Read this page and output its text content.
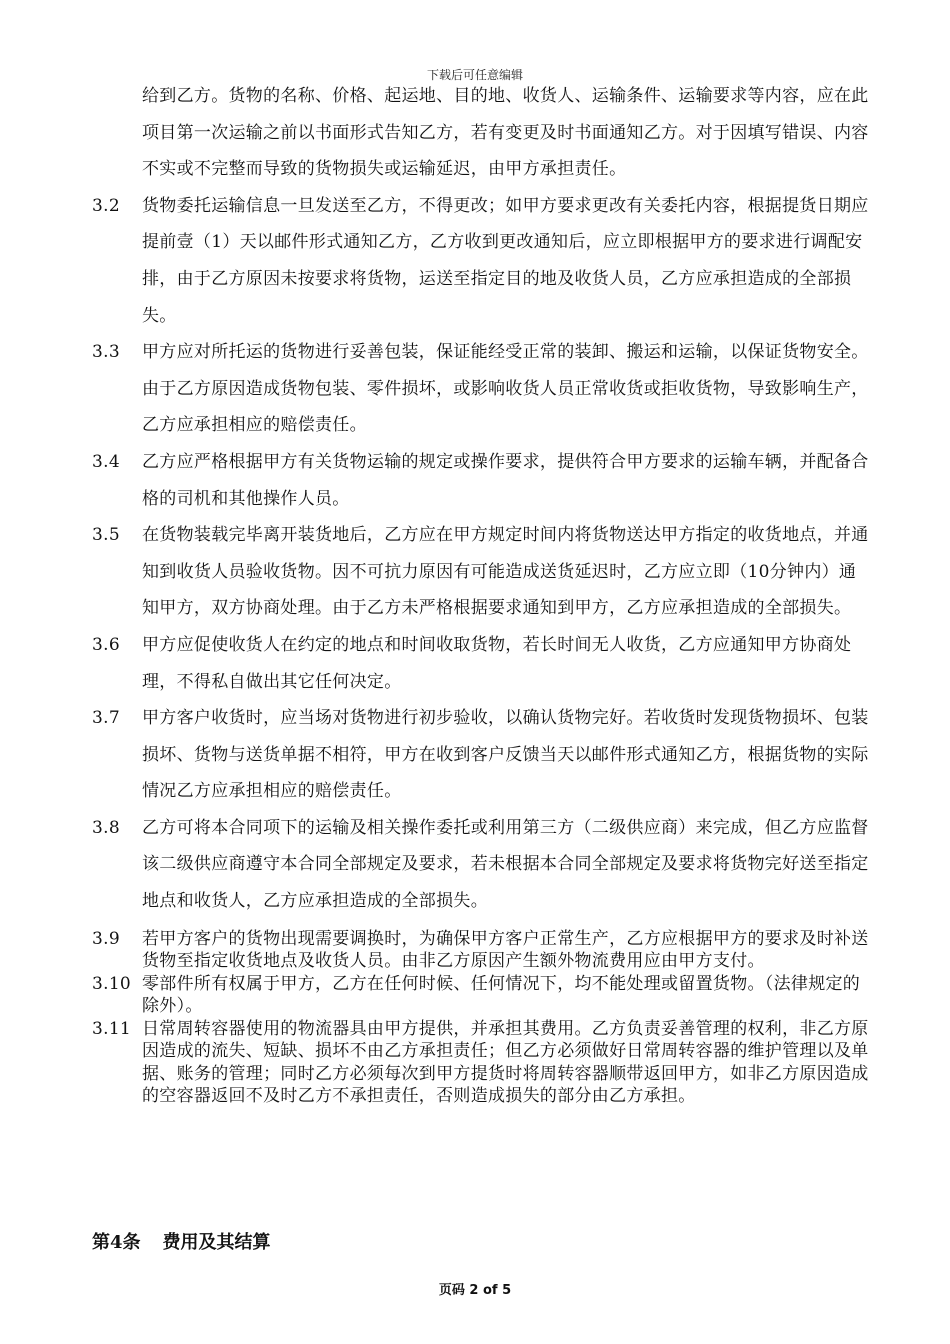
下载后可任意编辑
给到乙方。货物的名称、价格、起运地、目的地、收货人、运输条件、运输要求等内容，应在此项目第一次运输之前以书面形式告知乙方，若有变更及时书面通知乙方。对于因填写错误、内容不实或不完整而导致的货物损失或运输延迟，由甲方承担责任。
3.2	货物委托运输信息一旦发送至乙方，不得更改；如甲方要求更改有关委托内容，根据提货日期应提前壹（1）天以邮件形式通知乙方，乙方收到更改通知后，应立即根据甲方的要求进行调配安排，由于乙方原因未按要求将货物，运送至指定目的地及收货人员，乙方应承担造成的全部损失。
3.3	甲方应对所托运的货物进行妥善包装，保证能经受正常的装卸、搬运和运输，以保证货物安全。由于乙方原因造成货物包装、零件损坏，或影响收货人员正常收货或拒收货物，导致影响生产，乙方应承担相应的赔偿责任。
3.4	乙方应严格根据甲方有关货物运输的规定或操作要求，提供符合甲方要求的运输车辆，并配备合格的司机和其他操作人员。
3.5	在货物装载完毕离开装货地后，乙方应在甲方规定时间内将货物送达甲方指定的收货地点，并通知到收货人员验收货物。因不可抗力原因有可能造成送货延迟时，乙方应立即（10分钟内）通知甲方，双方协商处理。由于乙方未严格根据要求通知到甲方，乙方应承担造成的全部损失。
3.6	甲方应促使收货人在约定的地点和时间收取货物，若长时间无人收货，乙方应通知甲方协商处理，不得私自做出其它任何决定。
3.7	甲方客户收货时，应当场对货物进行初步验收，以确认货物完好。若收货时发现货物损坏、包装损坏、货物与送货单据不相符，甲方在收到客户反馈当天以邮件形式通知乙方，根据货物的实际情况乙方应承担相应的赔偿责任。
3.8	乙方可将本合同项下的运输及相关操作委托或利用第三方（二级供应商）来完成，但乙方应监督该二级供应商遵守本合同全部规定及要求，若未根据本合同全部规定及要求将货物完好送至指定地点和收货人，乙方应承担造成的全部损失。
3.9	若甲方客户的货物出现需要调换时，为确保甲方客户正常生产，乙方应根据甲方的要求及时补送货物至指定收货地点及收货人员。由非乙方原因产生额外物流费用应由甲方支付。
3.10 零部件所有权属于甲方，乙方在任何时候、任何情况下，均不能处理或留置货物。（法律规定的除外）。
3.11 日常周转容器使用的物流器具由甲方提供，并承担其费用。乙方负责妥善管理的权利，非乙方原因造成的流失、短缺、损坏不由乙方承担责任；但乙方必须做好日常周转容器的维护管理以及单据、账务的管理；同时乙方必须每次到甲方提货时将周转容器顺带返回甲方，如非乙方原因造成的空容器返回不及时乙方不承担责任，否则造成损失的部分由乙方承担。
第4条 费用及其结算
页码 2 of 5
